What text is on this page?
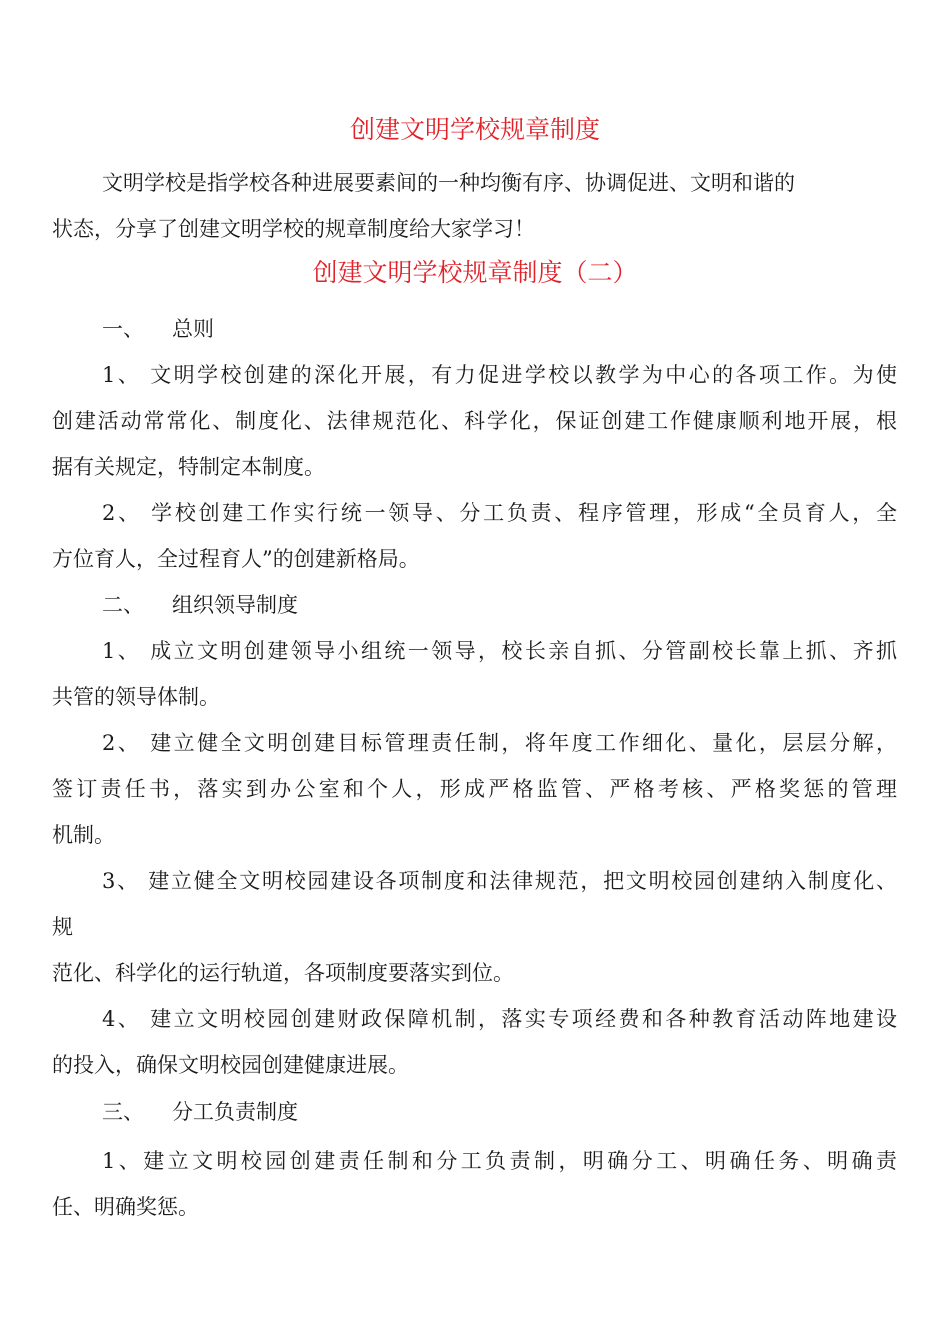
创建文明学校规章制度
文明学校是指学校各种进展要素间的一种均衡有序、协调促进、文明和谐的
状态，分享了创建文明学校的规章制度给大家学习！
创建文明学校规章制度（二）
一、 总则
1、 文明学校创建的深化开展，有力促进学校以教学为中心的各项工作。为使
创建活动常常化、制度化、法律规范化、科学化，保证创建工作健康顺利地开展，根
据有关规定，特制定本制度。
2、 学校创建工作实行统一领导、分工负责、程序管理，形成“全员育人，全
方位育人，全过程育人”的创建新格局。
二、 组织领导制度
1、 成立文明创建领导小组统一领导，校长亲自抓、分管副校长靠上抓、齐抓
共管的领导体制。
2、 建立健全文明创建目标管理责任制，将年度工作细化、量化，层层分解，
签订责任书，落实到办公室和个人，形成严格监管、严格考核、严格奖惩的管理
机制。
3、 建立健全文明校园建设各项制度和法律规范，把文明校园创建纳入制度化、
规
范化、科学化的运行轨道，各项制度要落实到位。
4、 建立文明校园创建财政保障机制，落实专项经费和各种教育活动阵地建设
的投入，确保文明校园创建健康进展。
三、 分工负责制度
1、建立文明校园创建责任制和分工负责制，明确分工、明确任务、明确责
任、明确奖惩。
